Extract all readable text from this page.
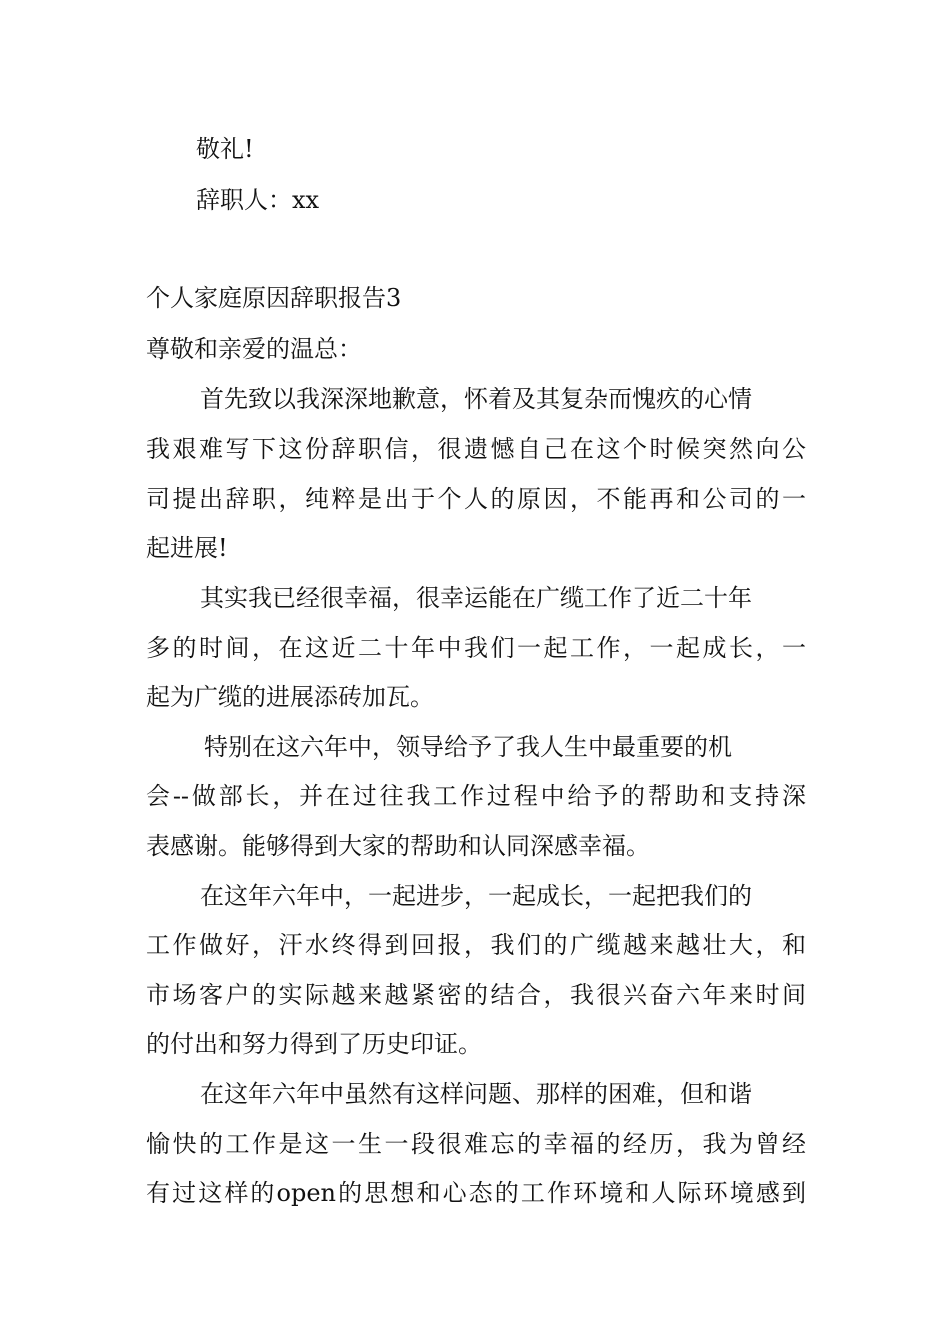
敬礼!
辞职人：xx
个人家庭原因辞职报告3
尊敬和亲爱的温总：
首先致以我深深地歉意，怀着及其复杂而愧疚的心情
我艰难写下这份辞职信，很遗憾自己在这个时候突然向公
司提出辞职，纯粹是出于个人的原因，不能再和公司的一
起进展!
其实我已经很幸福，很幸运能在广缆工作了近二十年
多的时间，在这近二十年中我们一起工作，一起成长，一
起为广缆的进展添砖加瓦。
特别在这六年中，领导给予了我人生中最重要的机
会--做部长，并在过往我工作过程中给予的帮助和支持深
表感谢。能够得到大家的帮助和认同深感幸福。
在这年六年中，一起进步，一起成长，一起把我们的
工作做好，汗水终得到回报，我们的广缆越来越壮大，和
市场客户的实际越来越紧密的结合，我很兴奋六年来时间
的付出和努力得到了历史印证。
在这年六年中虽然有这样问题、那样的困难，但和谐
愉快的工作是这一生一段很难忘的幸福的经历，我为曾经
有过这样的open的思想和心态的工作环境和人际环境感到
